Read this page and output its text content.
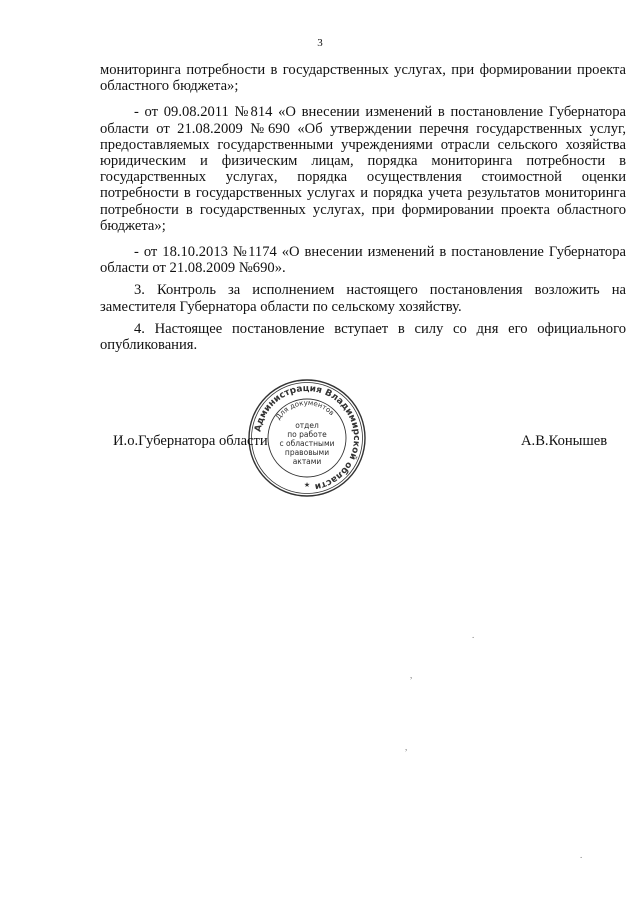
3

мониторинга потребности в государственных услугах, при формировании проекта областного бюджета»;

- от 09.08.2011 №814 «О внесении изменений в постановление Губернатора области от 21.08.2009 №690 «Об утверждении перечня государственных услуг, предоставляемых государственными учреждениями отрасли сельского хозяйства юридическим и физическим лицам, порядка мониторинга потребности в государственных услугах, порядка осуществления стоимостной оценки потребности в государственных услугах и порядка учета результатов мониторинга потребности в государственных услугах, при формировании проекта областного бюджета»;

- от 18.10.2013 №1174 «О внесении изменений в постановление Губернатора области от 21.08.2009 №690».

3. Контроль за исполнением настоящего постановления возложить на заместителя Губернатора области по сельскому хозяйству.

4. Настоящее постановление вступает в силу со дня его официального опубликования.

Администрация Владимирской области
Для документов
★
отдел
по работе
с областными
правовыми
актами
И.о.Губернатора области	А.В.Конышев
.
,
,
.
